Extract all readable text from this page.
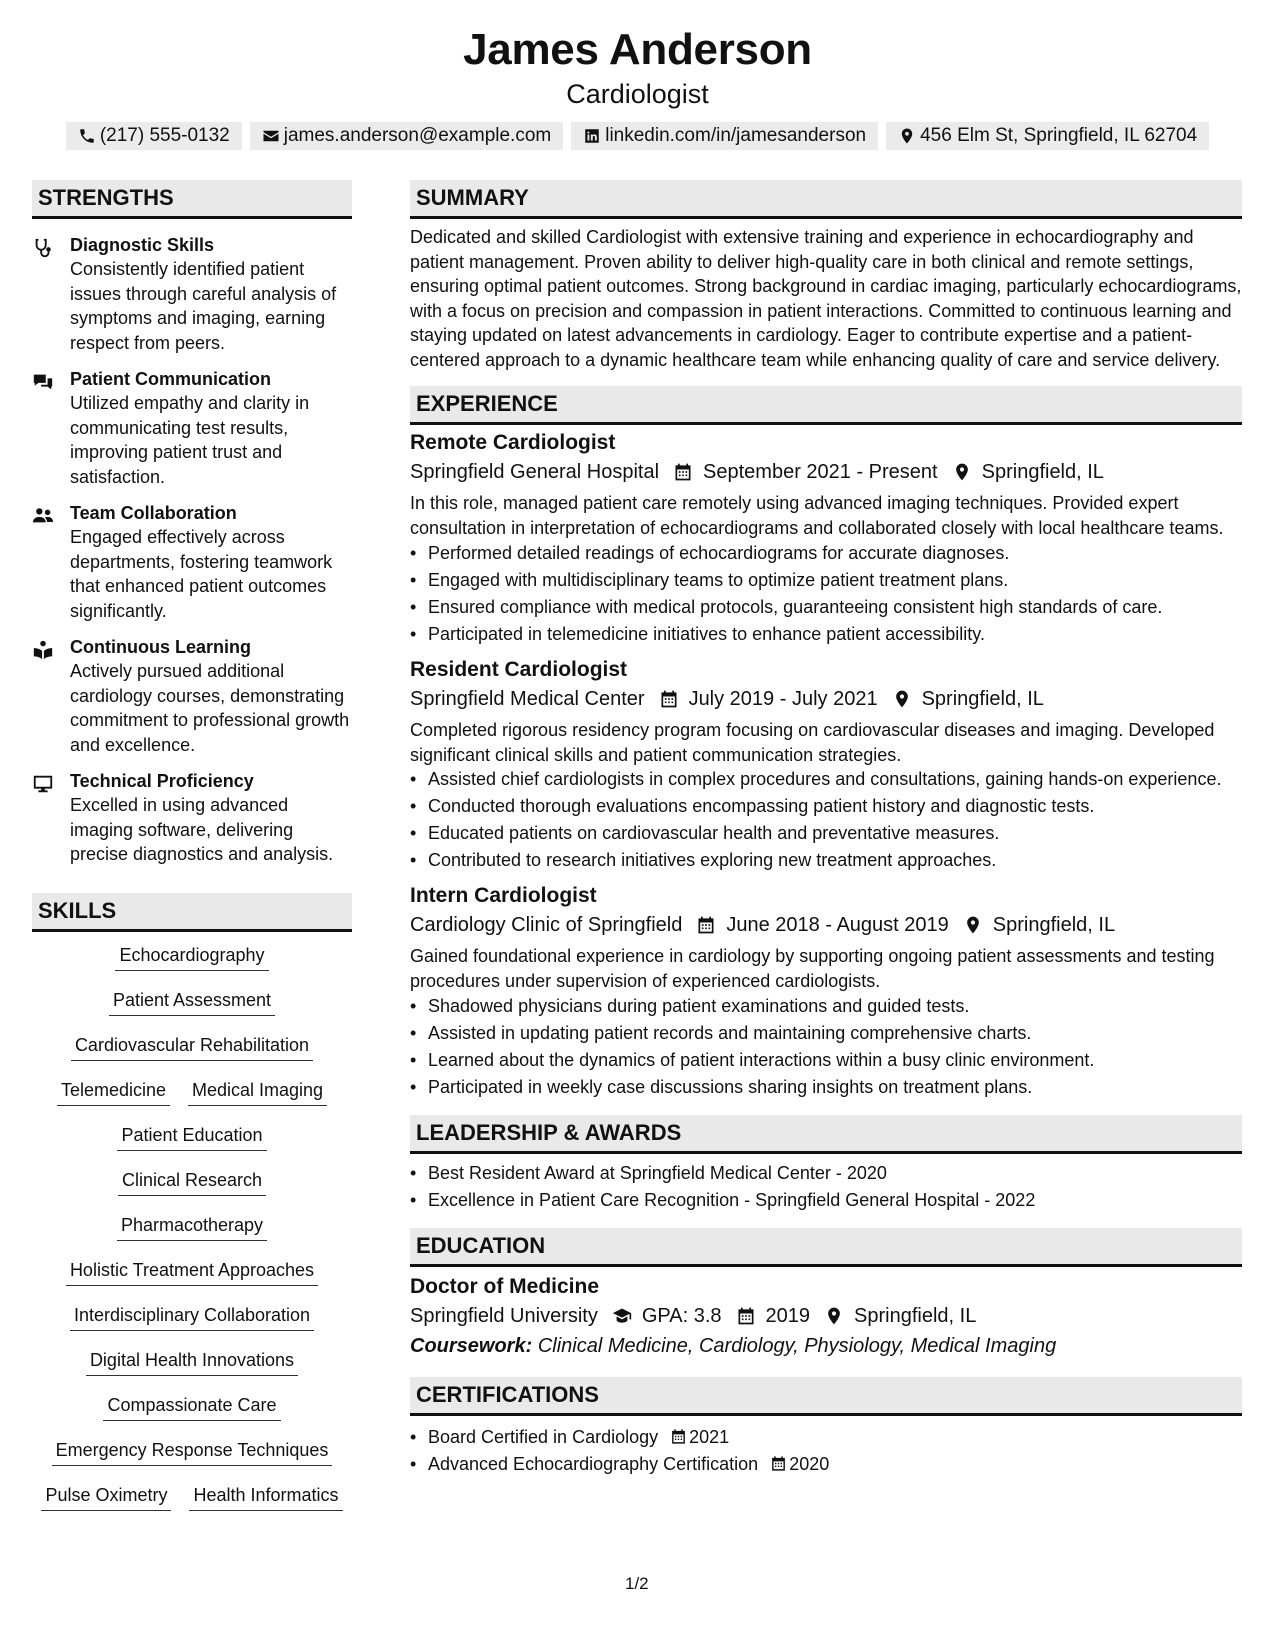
James Anderson
Cardiologist
(217) 555-0132	james.anderson@example.com	linkedin.com/in/jamesanderson	456 Elm St, Springfield, IL 62704
STRENGTHS
Diagnostic Skills
Consistently identified patient issues through careful analysis of symptoms and imaging, earning respect from peers.
Patient Communication
Utilized empathy and clarity in communicating test results, improving patient trust and satisfaction.
Team Collaboration
Engaged effectively across departments, fostering teamwork that enhanced patient outcomes significantly.
Continuous Learning
Actively pursued additional cardiology courses, demonstrating commitment to professional growth and excellence.
Technical Proficiency
Excelled in using advanced imaging software, delivering precise diagnostics and analysis.
SKILLS
Echocardiography
Patient Assessment
Cardiovascular Rehabilitation
Telemedicine Medical Imaging
Patient Education
Clinical Research
Pharmacotherapy
Holistic Treatment Approaches
Interdisciplinary Collaboration
Digital Health Innovations
Compassionate Care
Emergency Response Techniques
Pulse Oximetry Health Informatics
SUMMARY
Dedicated and skilled Cardiologist with extensive training and experience in echocardiography and patient management. Proven ability to deliver high-quality care in both clinical and remote settings, ensuring optimal patient outcomes. Strong background in cardiac imaging, particularly echocardiograms, with a focus on precision and compassion in patient interactions. Committed to continuous learning and staying updated on latest advancements in cardiology. Eager to contribute expertise and a patient-centered approach to a dynamic healthcare team while enhancing quality of care and service delivery.
EXPERIENCE
Remote Cardiologist
Springfield General Hospital September 2021 - Present Springfield, IL
In this role, managed patient care remotely using advanced imaging techniques. Provided expert consultation in interpretation of echocardiograms and collaborated closely with local healthcare teams.
• Performed detailed readings of echocardiograms for accurate diagnoses.
• Engaged with multidisciplinary teams to optimize patient treatment plans.
• Ensured compliance with medical protocols, guaranteeing consistent high standards of care.
• Participated in telemedicine initiatives to enhance patient accessibility.
Resident Cardiologist
Springfield Medical Center July 2019 - July 2021 Springfield, IL
Completed rigorous residency program focusing on cardiovascular diseases and imaging. Developed significant clinical skills and patient communication strategies.
• Assisted chief cardiologists in complex procedures and consultations, gaining hands-on experience.
• Conducted thorough evaluations encompassing patient history and diagnostic tests.
• Educated patients on cardiovascular health and preventative measures.
• Contributed to research initiatives exploring new treatment approaches.
Intern Cardiologist
Cardiology Clinic of Springfield June 2018 - August 2019 Springfield, IL
Gained foundational experience in cardiology by supporting ongoing patient assessments and testing procedures under supervision of experienced cardiologists.
• Shadowed physicians during patient examinations and guided tests.
• Assisted in updating patient records and maintaining comprehensive charts.
• Learned about the dynamics of patient interactions within a busy clinic environment.
• Participated in weekly case discussions sharing insights on treatment plans.
LEADERSHIP & AWARDS
• Best Resident Award at Springfield Medical Center - 2020
• Excellence in Patient Care Recognition - Springfield General Hospital - 2022
EDUCATION
Doctor of Medicine
Springfield University GPA: 3.8 2019 Springfield, IL
Coursework: Clinical Medicine, Cardiology, Physiology, Medical Imaging
CERTIFICATIONS
• Board Certified in Cardiology 2021
• Advanced Echocardiography Certification 2020
1/2
